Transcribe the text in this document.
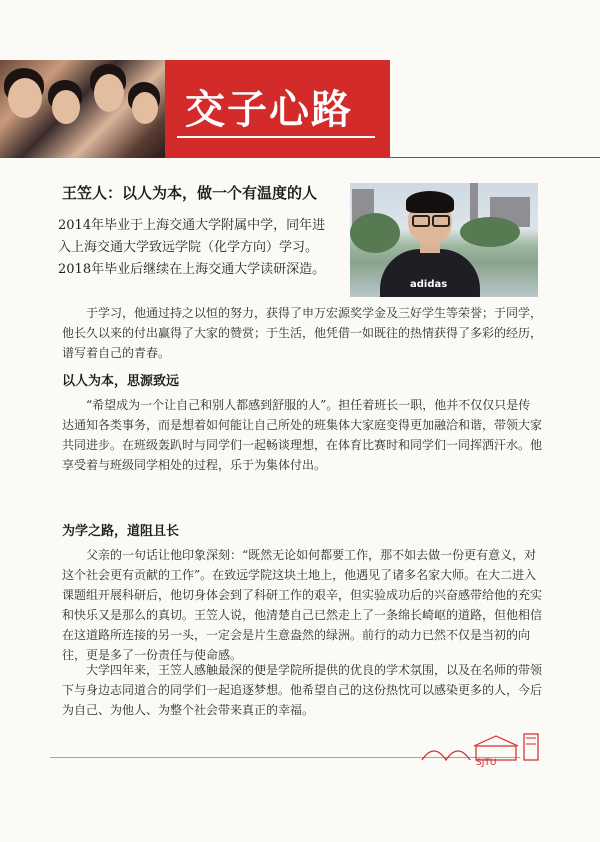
交子心路
王笠人：以人为本，做一个有温度的人
adidas
2014年毕业于上海交通大学附属中学，同年进入上海交通大学致远学院（化学方向）学习。2018年毕业后继续在上海交通大学读研深造。
于学习，他通过持之以恒的努力，获得了申万宏源奖学金及三好学生等荣誉；于同学，他长久以来的付出赢得了大家的赞赏；于生活，他凭借一如既往的热情获得了多彩的经历，谱写着自己的青春。
以人为本，思源致远
“希望成为一个让自己和别人都感到舒服的人”。担任着班长一职，他并不仅仅只是传达通知各类事务，而是想着如何能让自己所处的班集体大家庭变得更加融洽和谐，带领大家共同进步。在班级轰趴时与同学们一起畅谈理想，在体育比赛时和同学们一同挥洒汗水。他享受着与班级同学相处的过程，乐于为集体付出。
为学之路，道阻且长
父亲的一句话让他印象深刻：“既然无论如何都要工作，那不如去做一份更有意义，对这个社会更有贡献的工作”。在致远学院这块土地上，他遇见了诸多名家大师。在大二进入课题组开展科研后，他切身体会到了科研工作的艰辛，但实验成功后的兴奋感带给他的充实和快乐又是那么的真切。王笠人说，他清楚自己已然走上了一条绵长崎岖的道路，但他相信在这道路所连接的另一头，一定会是片生意盎然的绿洲。前行的动力已然不仅是当初的向往，更是多了一份责任与使命感。
大学四年来，王笠人感触最深的便是学院所提供的优良的学术氛围，以及在名师的带领下与身边志同道合的同学们一起追逐梦想。他希望自己的这份热忱可以感染更多的人，今后为自己、为他人、为整个社会带来真正的幸福。
SJTU
